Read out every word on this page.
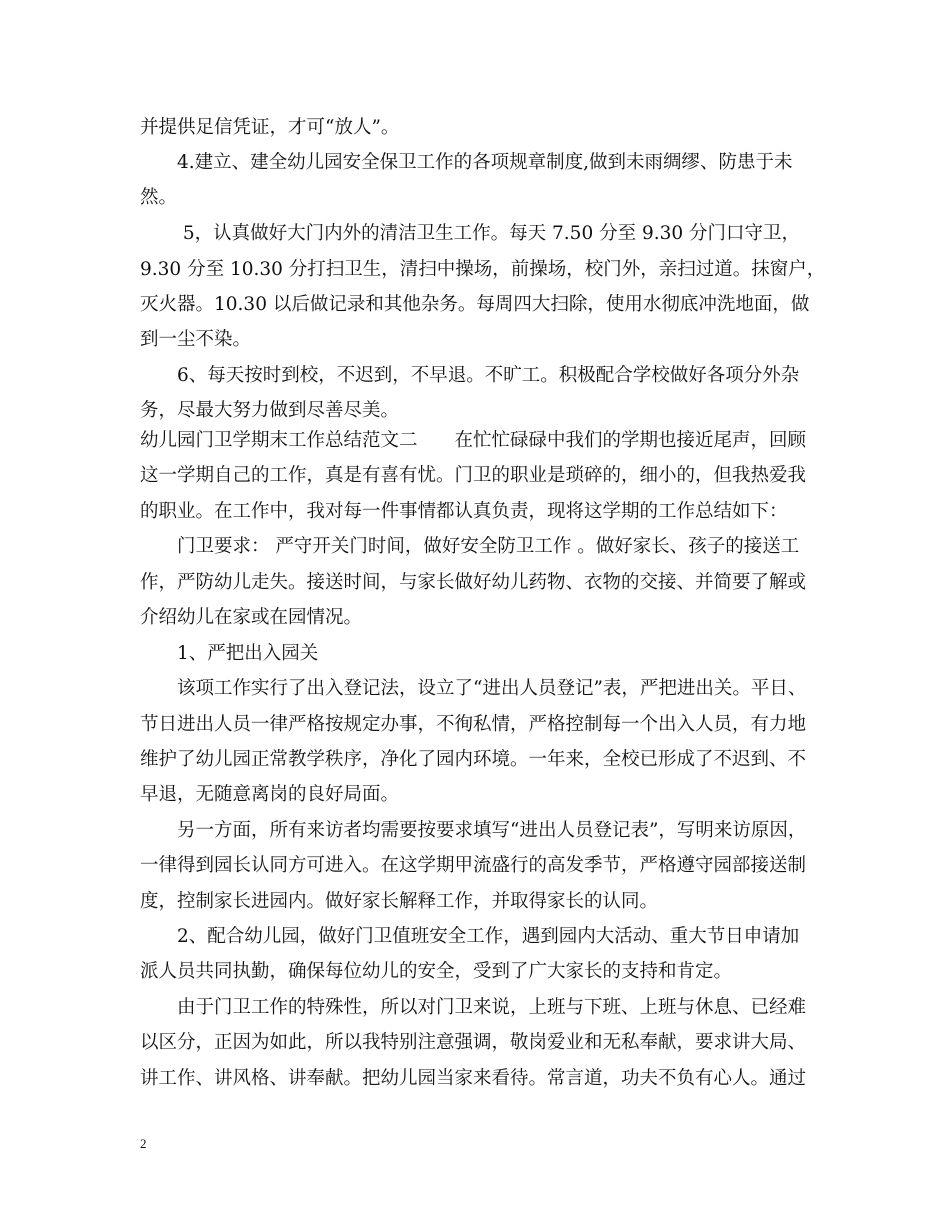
并提供足信凭证，才可“放人”。
　　4.建立、建全幼儿园安全保卫工作的各项规章制度,做到未雨绸缪、防患于未
然。
　　 5，认真做好大门内外的清洁卫生工作。每天 7.50 分至 9.30 分门口守卫，
9.30 分至 10.30 分打扫卫生，清扫中操场，前操场，校门外，亲扫过道。抹窗户，
灭火器。10.30 以后做记录和其他杂务。每周四大扫除，使用水彻底冲洗地面，做
到一尘不染。
　　6、每天按时到校，不迟到，不早退。不旷工。积极配合学校做好各项分外杂
务，尽最大努力做到尽善尽美。
幼儿园门卫学期末工作总结范文二　　在忙忙碌碌中我们的学期也接近尾声，回顾
这一学期自己的工作，真是有喜有忧。门卫的职业是琐碎的，细小的，但我热爱我
的职业。在工作中，我对每一件事情都认真负责，现将这学期的工作总结如下：
　　门卫要求： 严守开关门时间，做好安全防卫工作 。做好家长、孩子的接送工
作，严防幼儿走失。接送时间，与家长做好幼儿药物、衣物的交接、并简要了解或
介绍幼儿在家或在园情况。
　　1、严把出入园关
　　该项工作实行了出入登记法，设立了“进出人员登记”表，严把进出关。平日、
节日进出人员一律严格按规定办事，不徇私情，严格控制每一个出入人员，有力地
维护了幼儿园正常教学秩序，净化了园内环境。一年来，全校已形成了不迟到、不
早退，无随意离岗的良好局面。
　　另一方面，所有来访者均需要按要求填写“进出人员登记表”，写明来访原因，
一律得到园长认同方可进入。在这学期甲流盛行的高发季节，严格遵守园部接送制
度，控制家长进园内。做好家长解释工作，并取得家长的认同。
　　2、配合幼儿园，做好门卫值班安全工作，遇到园内大活动、重大节日申请加
派人员共同执勤，确保每位幼儿的安全，受到了广大家长的支持和肯定。
　　由于门卫工作的特殊性，所以对门卫来说，上班与下班、上班与休息、已经难
以区分，正因为如此，所以我特别注意强调，敬岗爱业和无私奉献，要求讲大局、
讲工作、讲风格、讲奉献。把幼儿园当家来看待。常言道，功夫不负有心人。通过
2
